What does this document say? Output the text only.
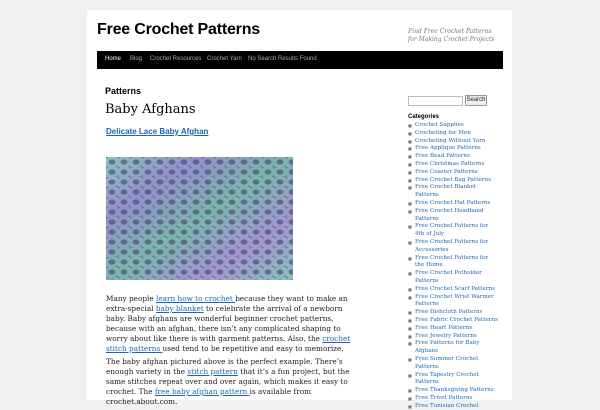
Free Crochet Patterns	Find Free Crochet Patterns for Making Crochet Projects
Home	Blog	Crochet Resources Crochet Yarn	No Search Results Found
Patterns
Baby Afghans
Delicate Lace Baby Afghan

Many people learn how to crochet because they want to make an extra-special baby blanket to celebrate the arrival of a newborn baby. Baby afghans are wonderful beginner crochet patterns, because with an afghan, there isn’t any complicated shaping to worry about like there is with garment patterns. Also, the crochet stitch patterns used tend to be repetitive and easy to memorize.

The baby afghan pictured above is the perfect example. There’s enough variety in the stitch pattern that it’s a fun project, but the same stitches repeat over and over again, which makes it easy to crochet. The free baby afghan pattern is available from crochet.about.com.

Search
Categories
■ Crochet Supplies
■ Crocheting for Men
■ Crocheting Without Yarn
■ Free Applique Patterns
■ Free Bead Patterns
■ Free Christmas Patterns
■ Free Coaster Patterns
■ Free Crochet Bag Patterns
■ Free Crochet Blanket Patterns
■ Free Crochet Hat Patterns
■ Free Crochet Headband Patterns
■ Free Crochet Patterns for 4th of July
■ Free Crochet Patterns for Accessories
■ Free Crochet Patterns for the Home
■ Free Crochet Potholder Patterns
■ Free Crochet Scarf Patterns
■ Free Crochet Wrist Warmer Patterns
■ Free Dishcloth Patterns
■ Free Fabric Crochet Patterns
■ Free Heart Patterns
■ Free Jewelry Patterns
■ Free Patterns for Baby Afghans
■ Free Summer Crochet Patterns
■ Free Tapestry Crochet Patterns
■ Free Thanksgiving Patterns
■ Free Trivet Patterns
■ Free Tunisian Crochet
